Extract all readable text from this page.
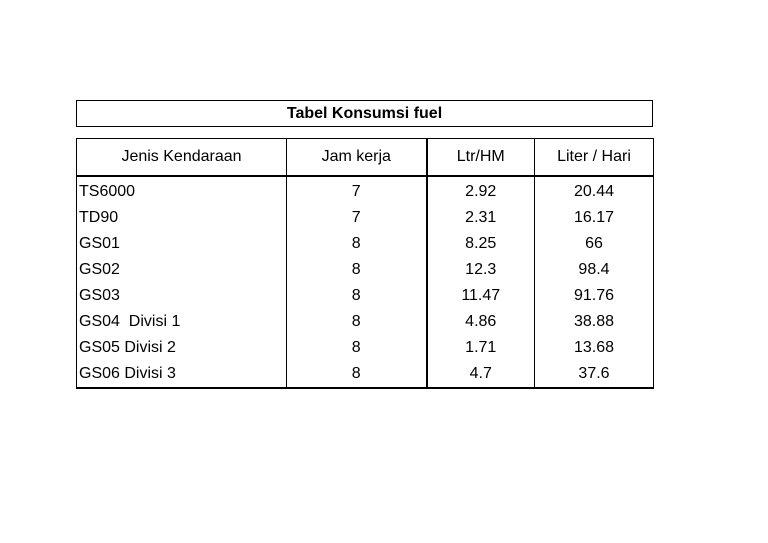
Tabel Konsumsi fuel
Jenis Kendaraan	Jam kerja	Ltr/HM	Liter / Hari
TS6000	7	2.92	20.44
TD90	7	2.31	16.17
GS01	8	8.25	66
GS02	8	12.3	98.4
GS03	8	11.47	91.76
GS04  Divisi 1	8	4.86	38.88
GS05 Divisi 2	8	1.71	13.68
GS06 Divisi 3	8	4.7	37.6
